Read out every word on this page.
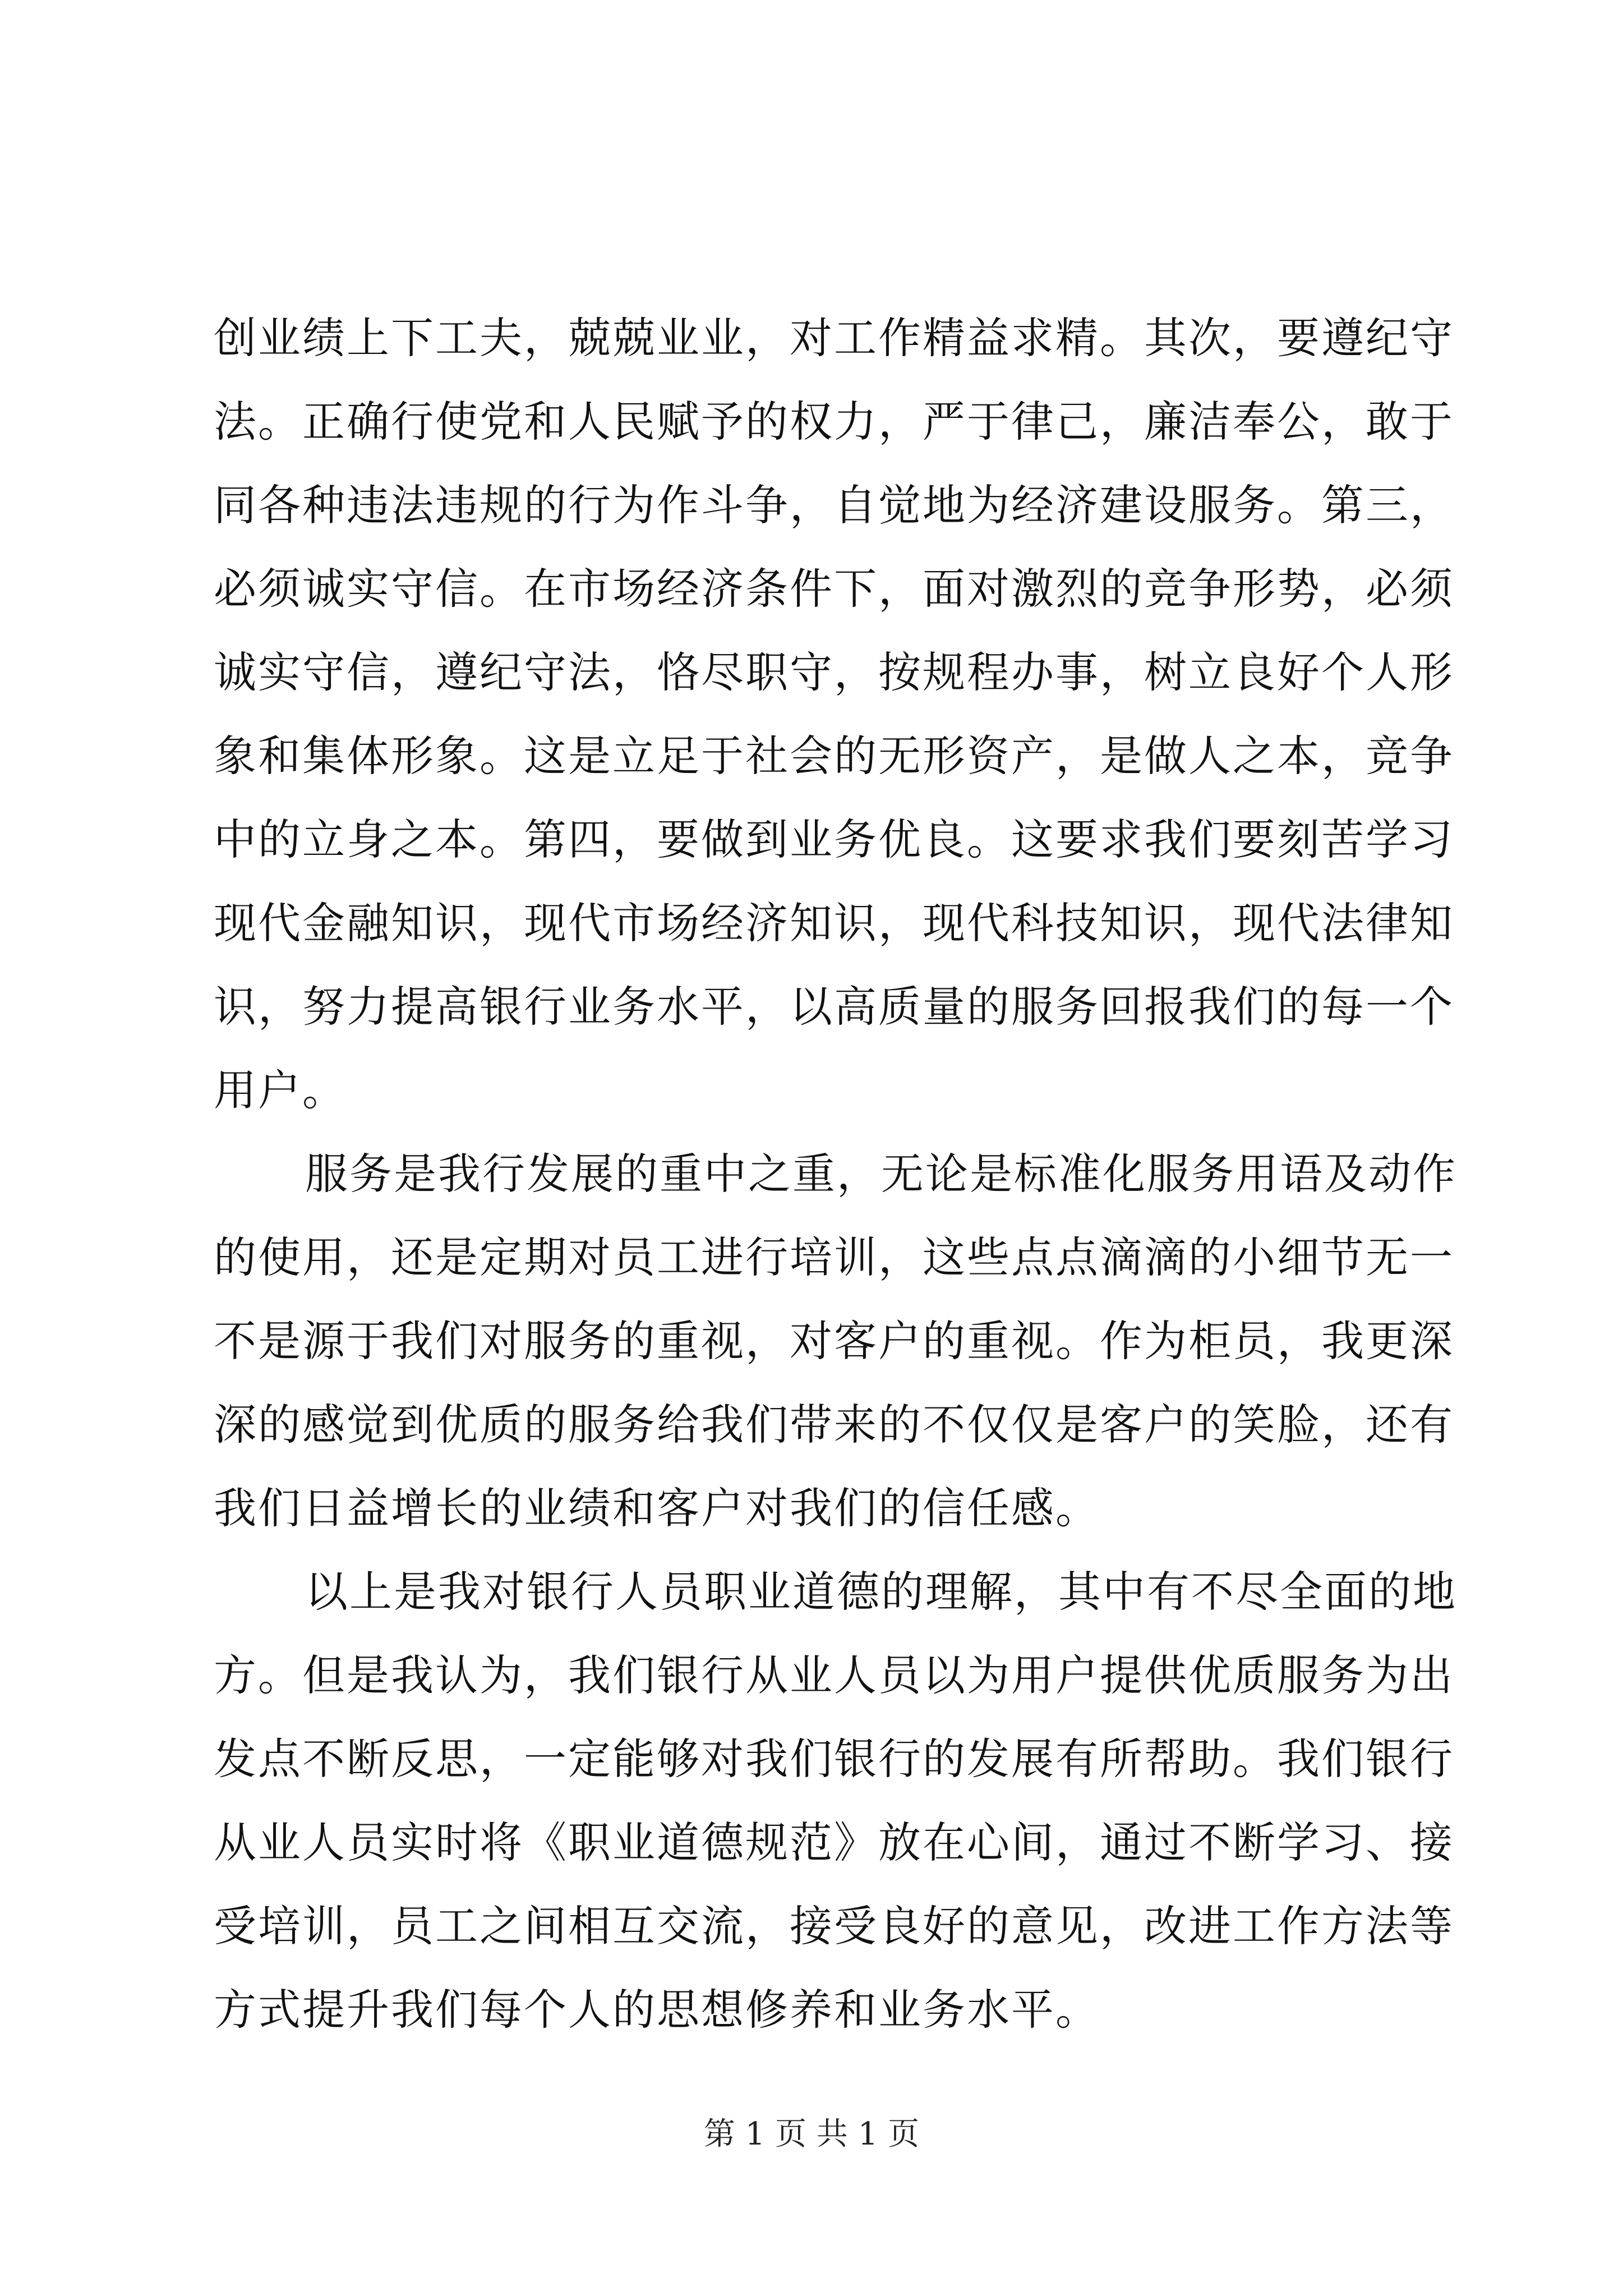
创业绩上下工夫，兢兢业业，对工作精益求精。其次，要遵纪守
法。正确行使党和人民赋予的权力，严于律己，廉洁奉公，敢于
同各种违法违规的行为作斗争，自觉地为经济建设服务。第三，
必须诚实守信。在市场经济条件下，面对激烈的竞争形势，必须
诚实守信，遵纪守法，恪尽职守，按规程办事，树立良好个人形
象和集体形象。这是立足于社会的无形资产，是做人之本，竞争
中的立身之本。第四，要做到业务优良。这要求我们要刻苦学习
现代金融知识，现代市场经济知识，现代科技知识，现代法律知
识，努力提高银行业务水平，以高质量的服务回报我们的每一个
用户。
服务是我行发展的重中之重，无论是标准化服务用语及动作
的使用，还是定期对员工进行培训，这些点点滴滴的小细节无一
不是源于我们对服务的重视，对客户的重视。作为柜员，我更深
深的感觉到优质的服务给我们带来的不仅仅是客户的笑脸，还有
我们日益增长的业绩和客户对我们的信任感。
以上是我对银行人员职业道德的理解，其中有不尽全面的地
方。但是我认为，我们银行从业人员以为用户提供优质服务为出
发点不断反思，一定能够对我们银行的发展有所帮助。我们银行
从业人员实时将《职业道德规范》放在心间，通过不断学习、接
受培训，员工之间相互交流，接受良好的意见，改进工作方法等
方式提升我们每个人的思想修养和业务水平。
第 1 页 共 1 页
